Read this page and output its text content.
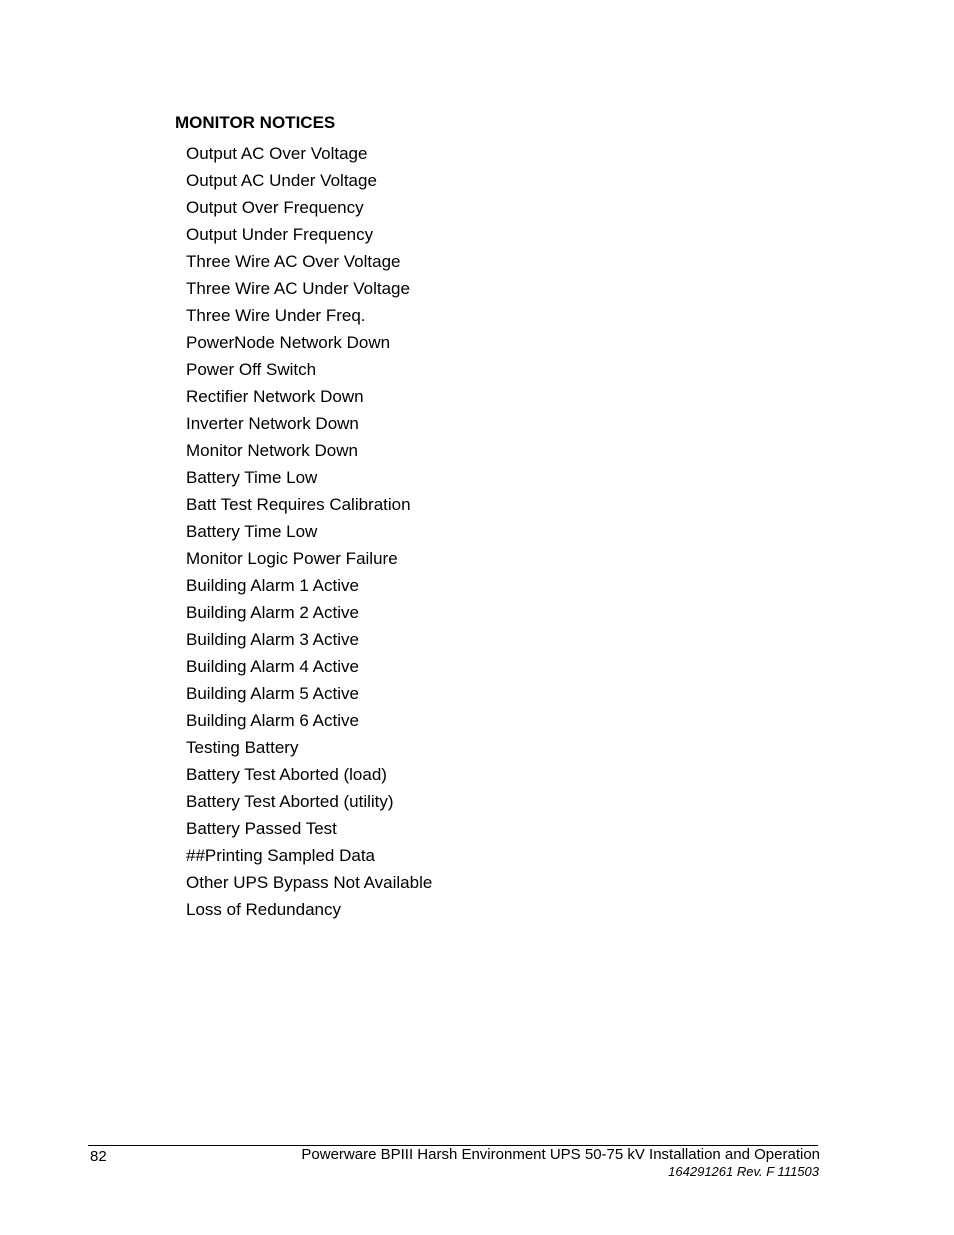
MONITOR NOTICES
Output AC Over Voltage
Output AC Under Voltage
Output Over Frequency
Output Under Frequency
Three Wire AC Over Voltage
Three Wire AC Under Voltage
Three Wire Under Freq.
PowerNode Network Down
Power Off Switch
Rectifier Network Down
Inverter Network Down
Monitor Network Down
Battery Time Low
Batt Test Requires Calibration
Battery Time Low
Monitor Logic Power Failure
Building Alarm 1 Active
Building Alarm 2 Active
Building Alarm 3 Active
Building Alarm 4 Active
Building Alarm 5 Active
Building Alarm 6 Active
Testing Battery
Battery Test Aborted (load)
Battery Test Aborted (utility)
Battery Passed Test
##Printing Sampled Data
Other UPS Bypass Not Available
Loss of Redundancy
82	Powerware BPIII Harsh Environment UPS 50-75 kV Installation and Operation
164291261 Rev. F 111503
